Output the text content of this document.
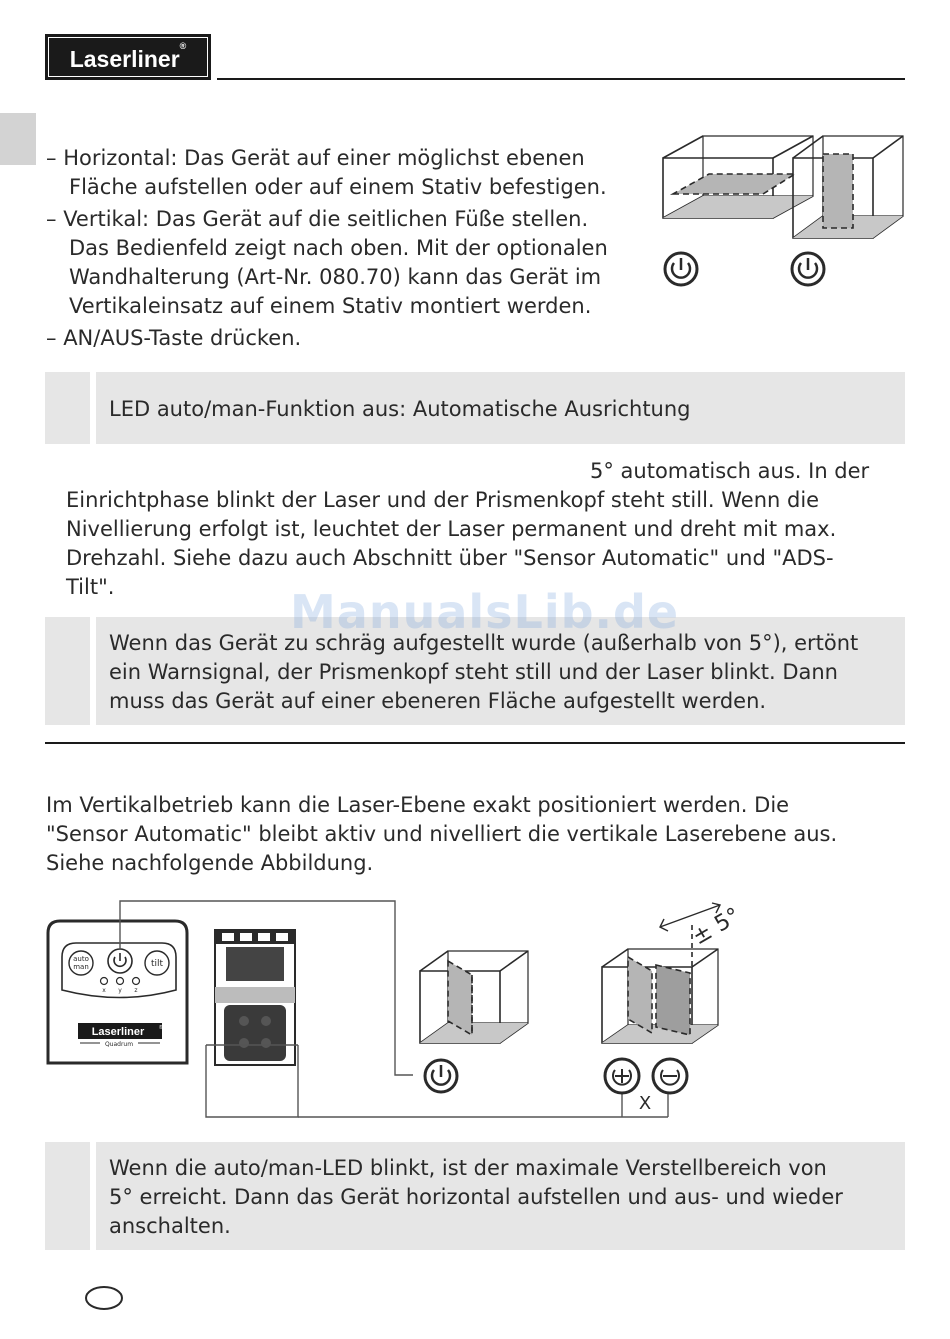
Laserliner®
– Horizontal: Das Gerät auf einer möglichst ebenen
Fläche aufstellen oder auf einem Stativ befestigen.
– Vertikal: Das Gerät auf die seitlichen Füße stellen.
Das Bedienfeld zeigt nach oben. Mit der optionalen
Wandhalterung (Art-Nr. 080.70) kann das Gerät im
Vertikaleinsatz auf einem Stativ montiert werden.
– AN/AUS-Taste drücken.
LED auto/man-Funktion aus: Automatische Ausrichtung
5° automatisch aus. In der
Einrichtphase blinkt der Laser und der Prismenkopf steht still. Wenn die
Nivellierung erfolgt ist, leuchtet der Laser permanent und dreht mit max.
Drehzahl. Siehe dazu auch Abschnitt über "Sensor Automatic" und "ADS-
Tilt".
Wenn das Gerät zu schräg aufgestellt wurde (außerhalb von 5°), ertönt
ein Warnsignal, der Prismenkopf steht still und der Laser blinkt. Dann
muss das Gerät auf einer ebeneren Fläche aufgestellt werden.
ManualsLib.de
Im Vertikalbetrieb kann die Laser-Ebene exakt positioniert werden. Die
"Sensor Automatic" bleibt aktiv und nivelliert die vertikale Laserebene aus.
Siehe nachfolgende Abbildung.
auto
man	tilt
x y z
Laserliner	®
Quadrum
± 5°
X
Wenn die auto/man-LED blinkt, ist der maximale Verstellbereich von
5° erreicht. Dann das Gerät horizontal aufstellen und aus- und wieder
anschalten.
